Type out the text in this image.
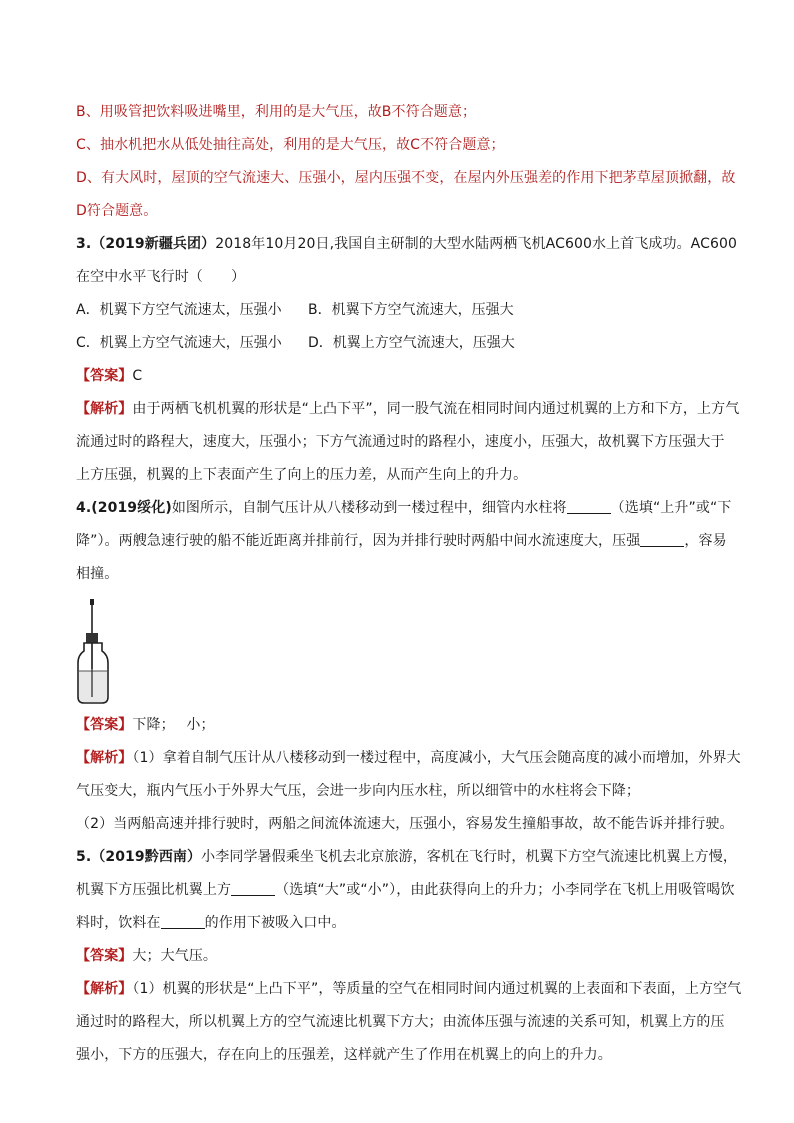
B、用吸管把饮料吸进嘴里，利用的是大气压，故B不符合题意；
C、抽水机把水从低处抽往高处，利用的是大气压，故C不符合题意；
D、有大风时，屋顶的空气流速大、压强小，屋内压强不变，在屋内外压强差的作用下把茅草屋顶掀翻，故
D符合题意。
3.（2019新疆兵团）2018年10月20日,我国自主研制的大型水陆两栖飞机AC600水上首飞成功。AC600
在空中水平飞行时（　　）
A．机翼下方空气流速太，压强小	B．机翼下方空气流速大，压强大
C．机翼上方空气流速大，压强小	D．机翼上方空气流速大，压强大
【答案】C
【解析】由于两栖飞机机翼的形状是“上凸下平”，同一股气流在相同时间内通过机翼的上方和下方，上方气
流通过时的路程大，速度大，压强小；下方气流通过时的路程小，速度小，压强大，故机翼下方压强大于
上方压强，机翼的上下表面产生了向上的压力差，从而产生向上的升力。
4.(2019绥化)如图所示，自制气压计从八楼移动到一楼过程中，细管内水柱将	（选填“上升”或“下
降”）。两艘急速行驶的船不能近距离并排前行，因为并排行驶时两船中间水流速度大，压强	，容易
相撞。
【答案】下降；　 小；
【解析】（1）拿着自制气压计从八楼移动到一楼过程中，高度减小，大气压会随高度的减小而增加，外界大
气压变大，瓶内气压小于外界大气压，会进一步向内压水柱，所以细管中的水柱将会下降；
（2）当两船高速并排行驶时，两船之间流体流速大，压强小，容易发生撞船事故，故不能告诉并排行驶。
5.（2019黔西南）小李同学暑假乘坐飞机去北京旅游，客机在飞行时，机翼下方空气流速比机翼上方慢，
机翼下方压强比机翼上方	（选填“大”或“小”），由此获得向上的升力；小李同学在飞机上用吸管喝饮
料时，饮料在	的作用下被吸入口中。
【答案】大；大气压。
【解析】（1）机翼的形状是“上凸下平”，等质量的空气在相同时间内通过机翼的上表面和下表面，上方空气
通过时的路程大，所以机翼上方的空气流速比机翼下方大；由流体压强与流速的关系可知，机翼上方的压
强小，下方的压强大，存在向上的压强差，这样就产生了作用在机翼上的向上的升力。
